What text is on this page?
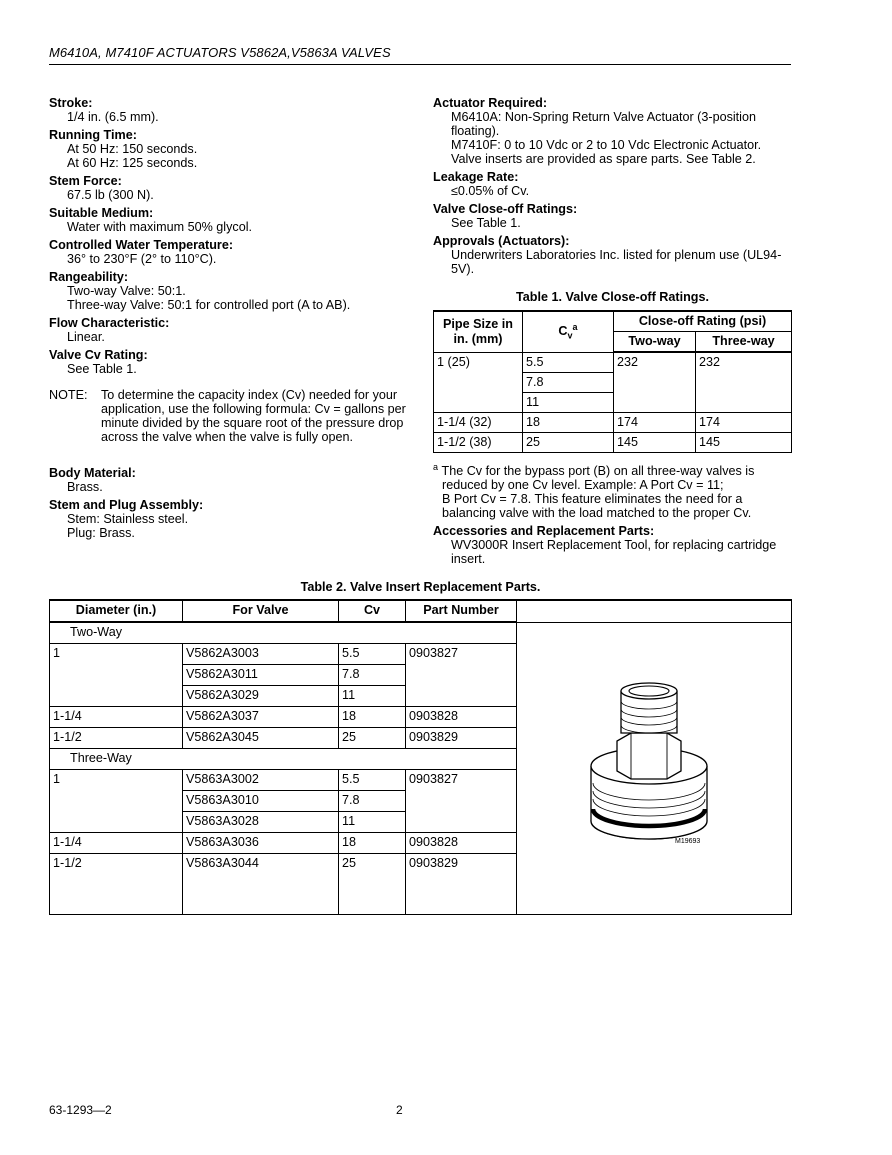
M6410A, M7410F ACTUATORS V5862A,V5863A VALVES
Stroke:
1/4 in. (6.5 mm).
Running Time:
At 50 Hz: 150 seconds.
At 60 Hz: 125 seconds.
Stem Force:
67.5 lb (300 N).
Suitable Medium:
Water with maximum 50% glycol.
Controlled Water Temperature:
36° to 230°F (2° to 110°C).
Rangeability:
Two-way Valve: 50:1.
Three-way Valve: 50:1 for controlled port (A to AB).
Flow Characteristic:
Linear.
Valve Cv Rating:
See Table 1.
NOTE: To determine the capacity index (Cv) needed for your application, use the following formula: Cv = gallons per minute divided by the square root of the pressure drop across the valve when the valve is fully open.
Body Material:
Brass.
Stem and Plug Assembly:
Stem: Stainless steel.
Plug: Brass.
Actuator Required:
M6410A: Non-Spring Return Valve Actuator (3-position floating).
M7410F: 0 to 10 Vdc or 2 to 10 Vdc Electronic Actuator.
Valve inserts are provided as spare parts. See Table 2.
Leakage Rate:
≤0.05% of Cv.
Valve Close-off Ratings:
See Table 1.
Approvals (Actuators):
Underwriters Laboratories Inc. listed for plenum use (UL94-5V).
Table 1. Valve Close-off Ratings.
Pipe Size in in. (mm)	$C_v^a$	Close-off Rating (psi)	
		Two-way	Three-way
1 (25)	5.5	232	232
	7.8		
	11		
1-1/4 (32)	18	174	174
1-1/2 (38)	25	145	145
$^a$ The Cv for the bypass port (B) on all three-way valves is
reduced by one Cv level. Example: A Port Cv = 11;
B Port Cv = 7.8. This feature eliminates the need for a
balancing valve with the load matched to the proper Cv.
Accessories and Replacement Parts:
WV3000R Insert Replacement Tool, for replacing cartridge insert.
Table 2. Valve Insert Replacement Parts.
Diameter (in.)	For Valve	Cv	Part Number	
Two-Way				M19693

1	V5862A3003	5.5	0903827	
	V5862A3011	7.8		
	V5862A3029	11		
1-1/4	V5862A3037	18	0903828	
1-1/2	V5862A3045	25	0903829	
Three-Way				
1	V5863A3002	5.5	0903827	
	V5863A3010	7.8		
	V5863A3028	11		
1-1/4	V5863A3036	18	0903828	
1-1/2	V5863A3044	25	0903829	
63-1293—2	2
